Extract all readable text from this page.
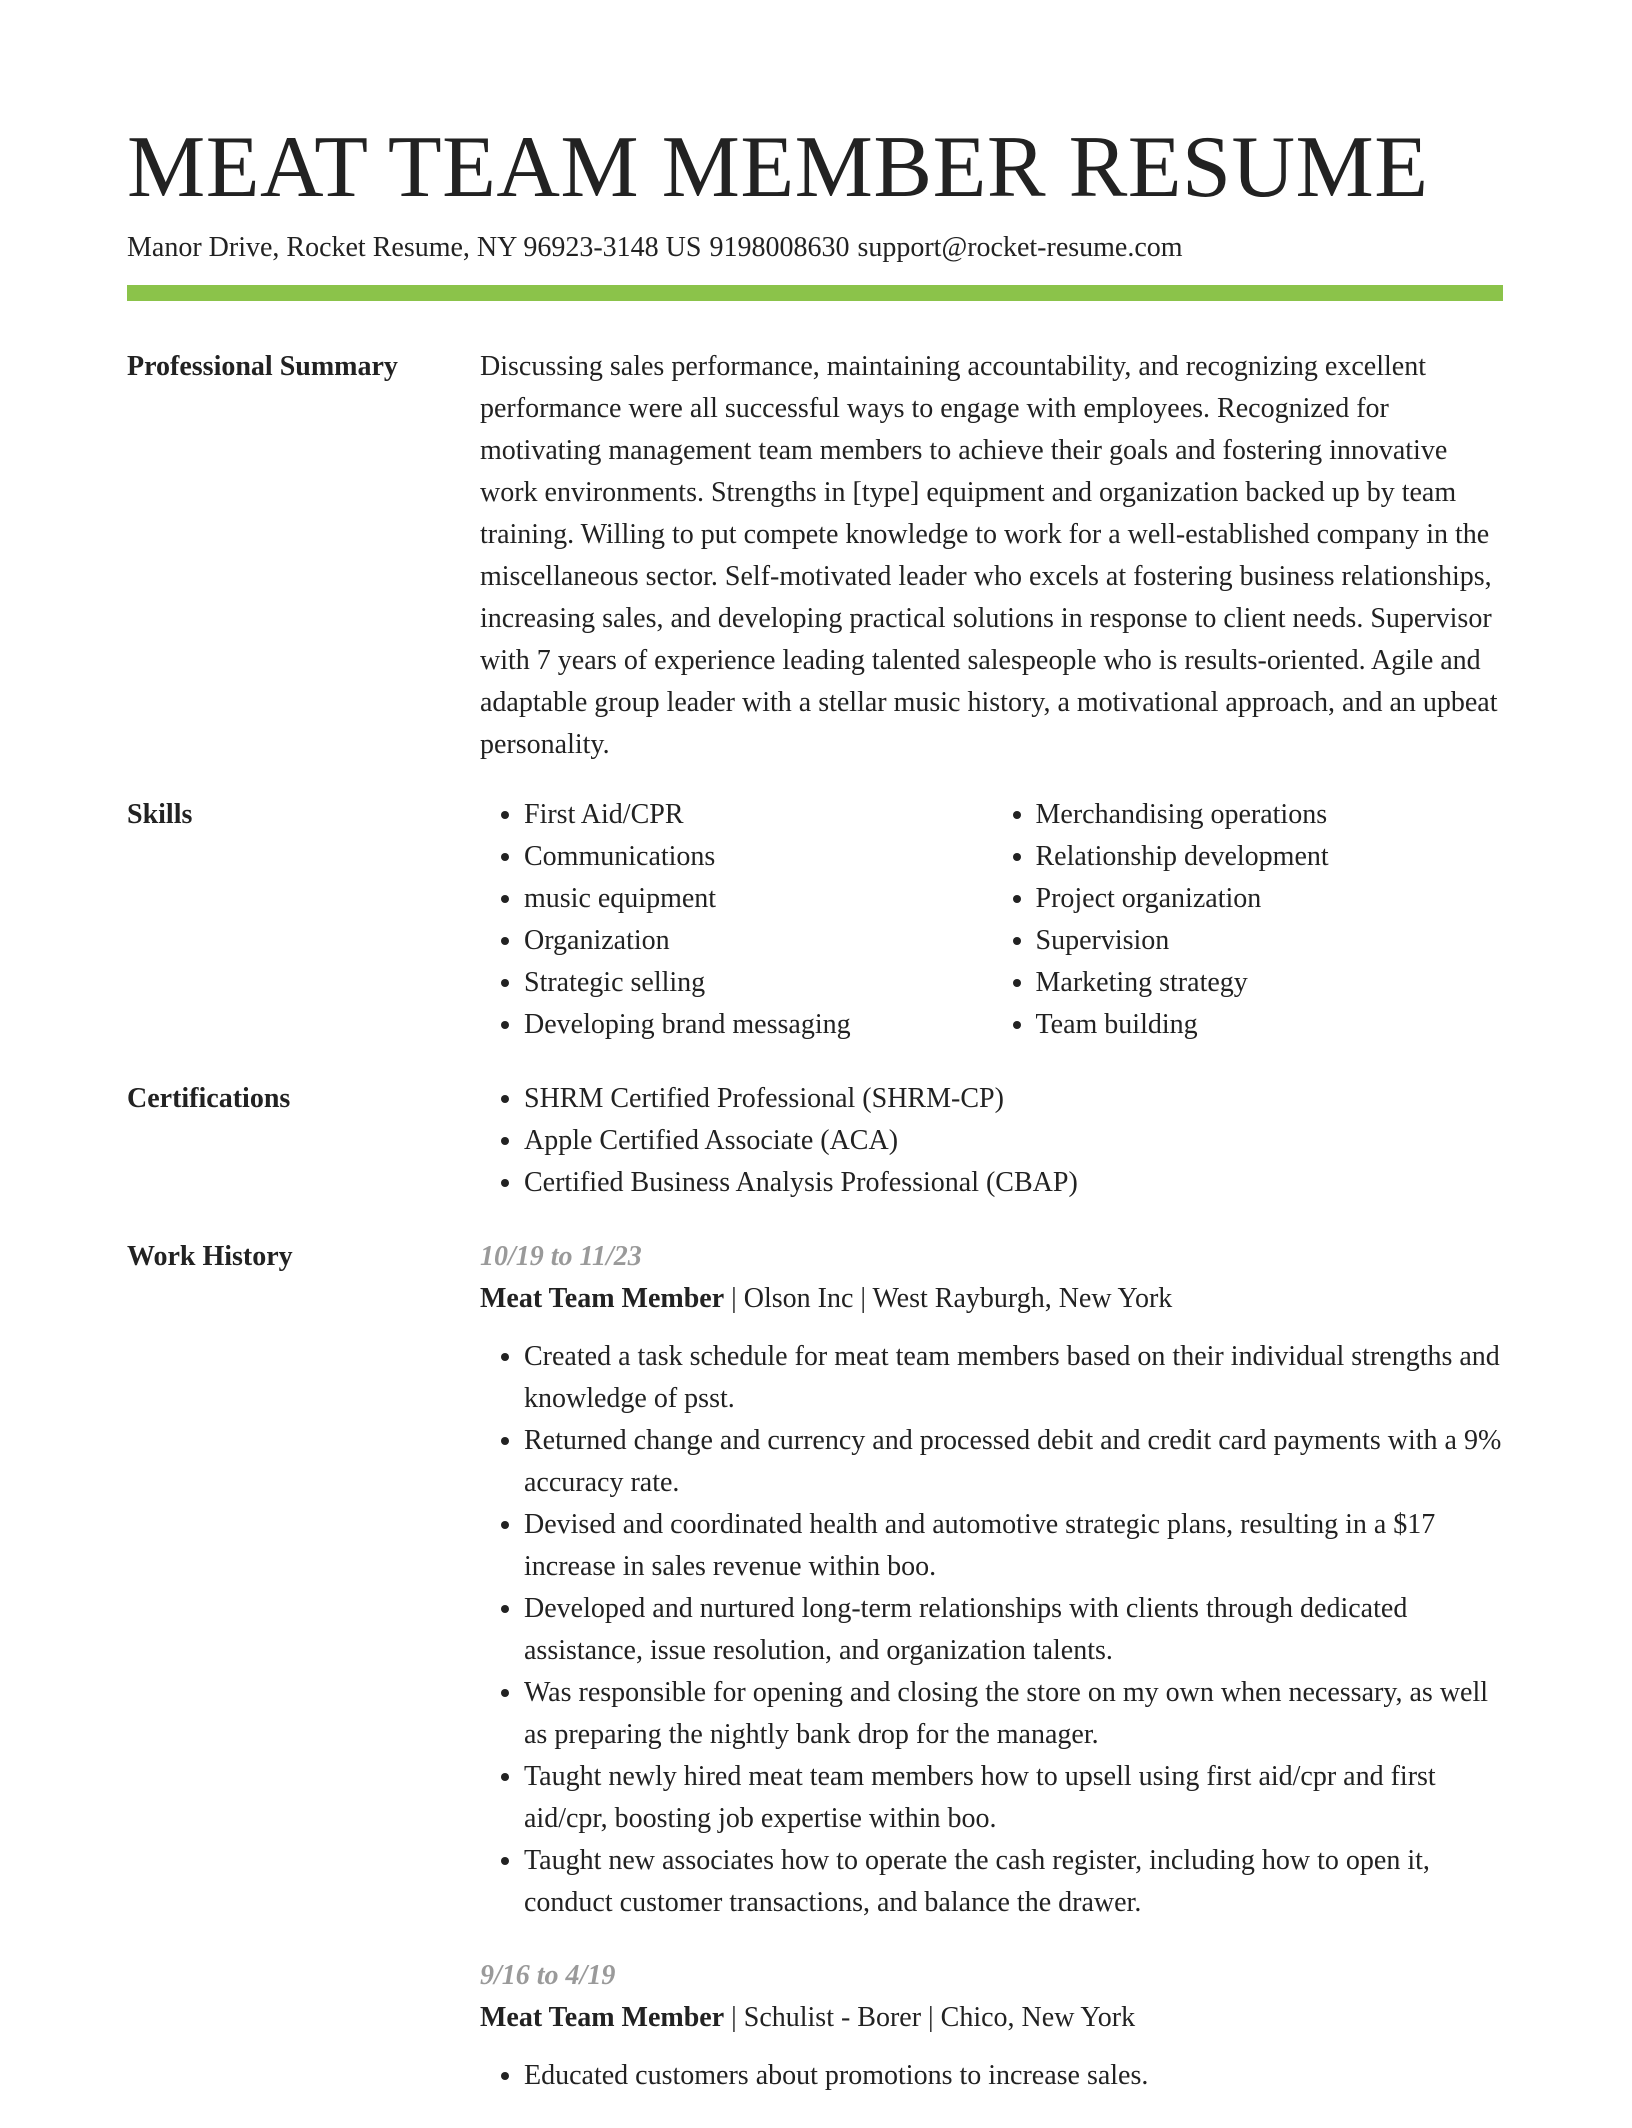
MEAT TEAM MEMBER RESUME
Manor Drive, Rocket Resume, NY 96923-3148 US 9198008630 support@rocket-resume.com
Professional Summary	Discussing sales performance, maintaining accountability, and recognizing excellent performance were all successful ways to engage with employees. Recognized for motivating management team members to achieve their goals and fostering innovative work environments. Strengths in [type] equipment and organization backed up by team training. Willing to put compete knowledge to work for a well-established company in the miscellaneous sector. Self-motivated leader who excels at fostering business relationships, increasing sales, and developing practical solutions in response to client needs. Supervisor with 7 years of experience leading talented salespeople who is results-oriented. Agile and adaptable group leader with a stellar music history, a motivational approach, and an upbeat personality.

Skills	• First Aid/CPR
• Communications
• music equipment
• Organization
• Strategic selling
• Developing brand messaging
• Merchandising operations
• Relationship development
• Project organization
• Supervision
• Marketing strategy
• Team building
Certifications	• SHRM Certified Professional (SHRM-CP)
• Apple Certified Associate (ACA)
• Certified Business Analysis Professional (CBAP)
Work History	10/19 to 11/23
Meat Team Member | Olson Inc | West Rayburgh, New York
• Created a task schedule for meat team members based on their individual strengths and knowledge of psst.
• Returned change and currency and processed debit and credit card payments with a 9% accuracy rate.
• Devised and coordinated health and automotive strategic plans, resulting in a $17 increase in sales revenue within boo.
• Developed and nurtured long-term relationships with clients through dedicated assistance, issue resolution, and organization talents.
• Was responsible for opening and closing the store on my own when necessary, as well as preparing the nightly bank drop for the manager.
• Taught newly hired meat team members how to upsell using first aid/cpr and first aid/cpr, boosting job expertise within boo.
• Taught new associates how to operate the cash register, including how to open it, conduct customer transactions, and balance the drawer.
9/16 to 4/19
Meat Team Member | Schulist - Borer | Chico, New York
• Educated customers about promotions to increase sales.
